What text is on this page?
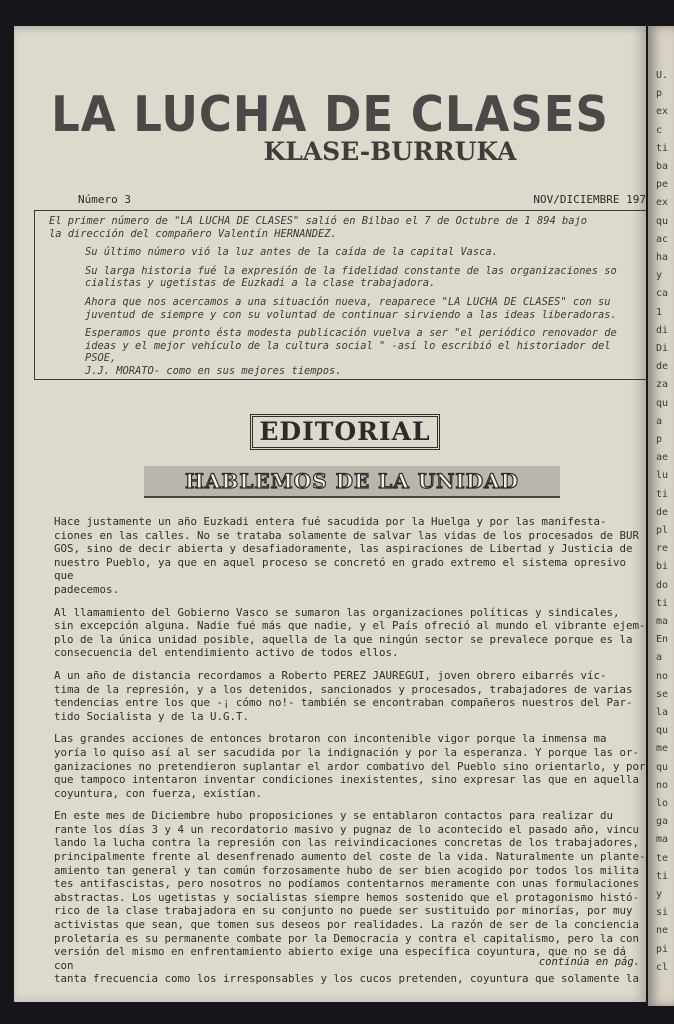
LA LUCHA DE CLASES
KLASE-BURRUKA
Número 3	NOV/DICIEMBRE 197

El primer número de "LA LUCHA DE CLASES" salió en Bilbao el 7 de Octubre de 1 894 bajo
la dirección del compañero Valentín HERNANDEZ.

Su último número vió la luz antes de la caída de la capital Vasca.

Su larga historia fué la expresión de la fidelidad constante de las organizaciones so
cialistas y ugetistas de Euzkadi a la clase trabajadora.

Ahora que nos acercamos a una situación nueva, reaparece "LA LUCHA DE CLASES" con su
juventud de siempre y con su voluntad de continuar sirviendo a las ideas liberadoras.

Esperamos que pronto ésta modesta publicación vuelva a ser "el periódico renovador de
ideas y el mejor vehículo de la cultura social " -así lo escribió el historiador del PSOE,
J.J. MORATO- como en sus mejores tiempos.

EDITORIAL
HABLEMOS DE LA UNIDAD

Hace justamente un año Euzkadi entera fué sacudida por la Huelga y por las manifesta-
ciones en las calles. No se trataba solamente de salvar las vidas de los procesados de BUR
GOS, sino de decir abierta y desafiadoramente, las aspiraciones de Libertad y Justicia de
nuestro Pueblo, ya que en aquel proceso se concretó en grado extremo el sistema opresivo que
padecemos.

Al llamamiento del Gobierno Vasco se sumaron las organizaciones políticas y sindicales,
sin excepción alguna. Nadie fué más que nadie, y el País ofreció al mundo el vibrante ejem-
plo de la única unidad posible, aquella de la que ningún sector se prevalece porque es la
consecuencia del entendimiento activo de todos ellos.

A un año de distancia recordamos a Roberto PEREZ JAUREGUI, joven obrero eibarrés víc-
tima de la represión, y a los detenidos, sancionados y procesados, trabajadores de varias
tendencias entre los que -¡ cómo no!- también se encontraban compañeros nuestros del Par-
tido Socialista y de la U.G.T.

Las grandes acciones de entonces brotaron con incontenible vigor porque la inmensa ma
yoría lo quiso así al ser sacudida por la indignación y por la esperanza. Y porque las or-
ganizaciones no pretendieron suplantar el ardor combativo del Pueblo sino orientarlo, y por
que tampoco intentaron inventar condiciones inexistentes, sino expresar las que en aquella
coyuntura, con fuerza, existían.

En este mes de Diciembre hubo proposiciones y se entablaron contactos para realizar du
rante los días 3 y 4 un recordatorio masivo y pugnaz de lo acontecido el pasado año, vincu
lando la lucha contra la represión con las reivindicaciones concretas de los trabajadores,
principalmente frente al desenfrenado aumento del coste de la vida. Naturalmente un plante-
amiento tan general y tan común forzosamente hubo de ser bien acogido por todos los milita
tes antifascistas, pero nosotros no podíamos contentarnos meramente con unas formulaciones
abstractas. Los ugetistas y socialistas siempre hemos sostenido que el protagonismo histó-
rico de la clase trabajadora en su conjunto no puede ser sustituido por minorías, por muy
activistas que sean, que tomen sus deseos por realidades. La razón de ser de la conciencia
proletaria es su permanente combate por la Democracia y contra el capitalismo, pero la con
versión del mismo en enfrentamiento abierto exige una específica coyuntura, que no se dá con
tanta frecuencia como los irresponsables y los cucos pretenden, coyuntura que solamente la

continúa en pág.
U.
p
ex
c
ti
ba
pe
ex
qu
ac
ha
y
ca
1
di
Di
de
za
qu
a
p
ae
lu
ti
de
pl
re
bi
do
ti
ma
En
a
no
se
la
qu
me
qu
no
lo
ga
ma
te
ti
y
si
ne
pi
cl
